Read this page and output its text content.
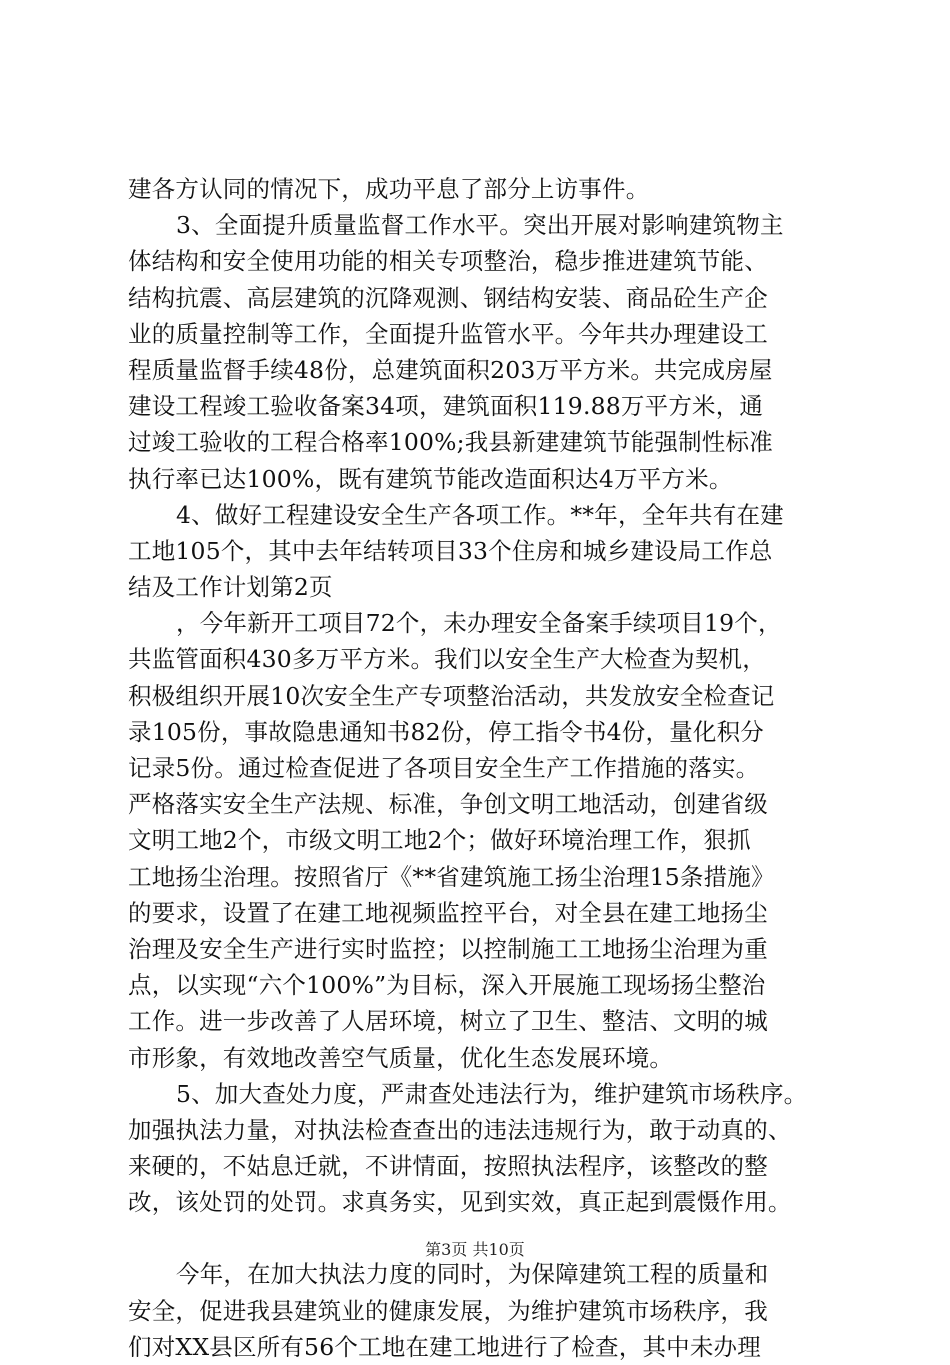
建各方认同的情况下，成功平息了部分上访事件。
3、全面提升质量监督工作水平。突出开展对影响建筑物主
体结构和安全使用功能的相关专项整治，稳步推进建筑节能、
结构抗震、高层建筑的沉降观测、钢结构安装、商品砼生产企
业的质量控制等工作，全面提升监管水平。今年共办理建设工
程质量监督手续48份，总建筑面积203万平方米。共完成房屋
建设工程竣工验收备案34项，建筑面积119.88万平方米，通
过竣工验收的工程合格率100%;我县新建建筑节能强制性标准
执行率已达100%，既有建筑节能改造面积达4万平方米。
4、做好工程建设安全生产各项工作。**年，全年共有在建
工地105个，其中去年结转项目33个住房和城乡建设局工作总
结及工作计划第2页
，今年新开工项目72个，未办理安全备案手续项目19个，
共监管面积430多万平方米。我们以安全生产大检查为契机，
积极组织开展10次安全生产专项整治活动，共发放安全检查记
录105份，事故隐患通知书82份，停工指令书4份，量化积分
记录5份。通过检查促进了各项目安全生产工作措施的落实。
严格落实安全生产法规、标准，争创文明工地活动，创建省级
文明工地2个，市级文明工地2个；做好环境治理工作，狠抓
工地扬尘治理。按照省厅《**省建筑施工扬尘治理15条措施》
的要求，设置了在建工地视频监控平台，对全县在建工地扬尘
治理及安全生产进行实时监控；以控制施工工地扬尘治理为重
点，以实现“六个100%”为目标，深入开展施工现场扬尘整治
工作。进一步改善了人居环境，树立了卫生、整洁、文明的城
市形象，有效地改善空气质量，优化生态发展环境。
5、加大查处力度，严肃查处违法行为，维护建筑市场秩序。
加强执法力量，对执法检查查出的违法违规行为，敢于动真的、
来硬的，不姑息迁就，不讲情面，按照执法程序，该整改的整
改，该处罚的处罚。求真务实，见到实效，真正起到震慑作用。
今年，在加大执法力度的同时，为保障建筑工程的质量和
安全，促进我县建筑业的健康发展，为维护建筑市场秩序，我
们对XX县区所有56个工地在建工地进行了检查，其中未办理
第3页 共10页
